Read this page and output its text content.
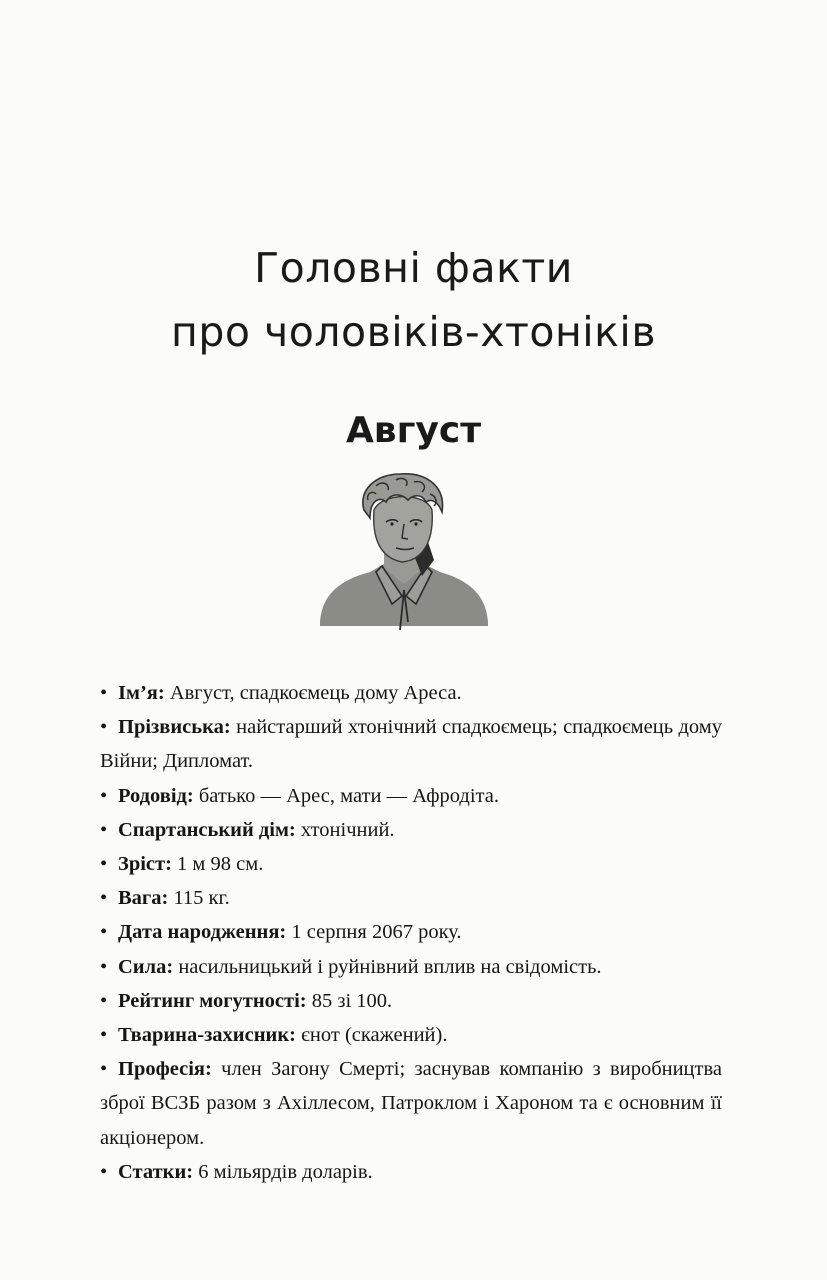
Головні факти
про чоловіків-хтоніків
Август
• Ім’я: Август, спадкоємець дому Ареса.
• Прізвиська: найстарший хтонічний спадкоємець; спадкоємець дому Війни; Дипломат.
• Родовід: батько — Арес, мати — Афродіта.
• Спартанський дім: хтонічний.
• Зріст: 1 м 98 см.
• Вага: 115 кг.
• Дата народження: 1 серпня 2067 року.
• Сила: насильницький і руйнівний вплив на свідомість.
• Рейтинг могутності: 85 зі 100.
• Тварина-захисник: єнот (скажений).
• Професія: член Загону Смерті; заснував компанію з виробництва зброї ВСЗБ разом з Ахіллесом, Патроклом і Хароном та є основним її акціонером.
• Статки: 6 мільярдів доларів.
